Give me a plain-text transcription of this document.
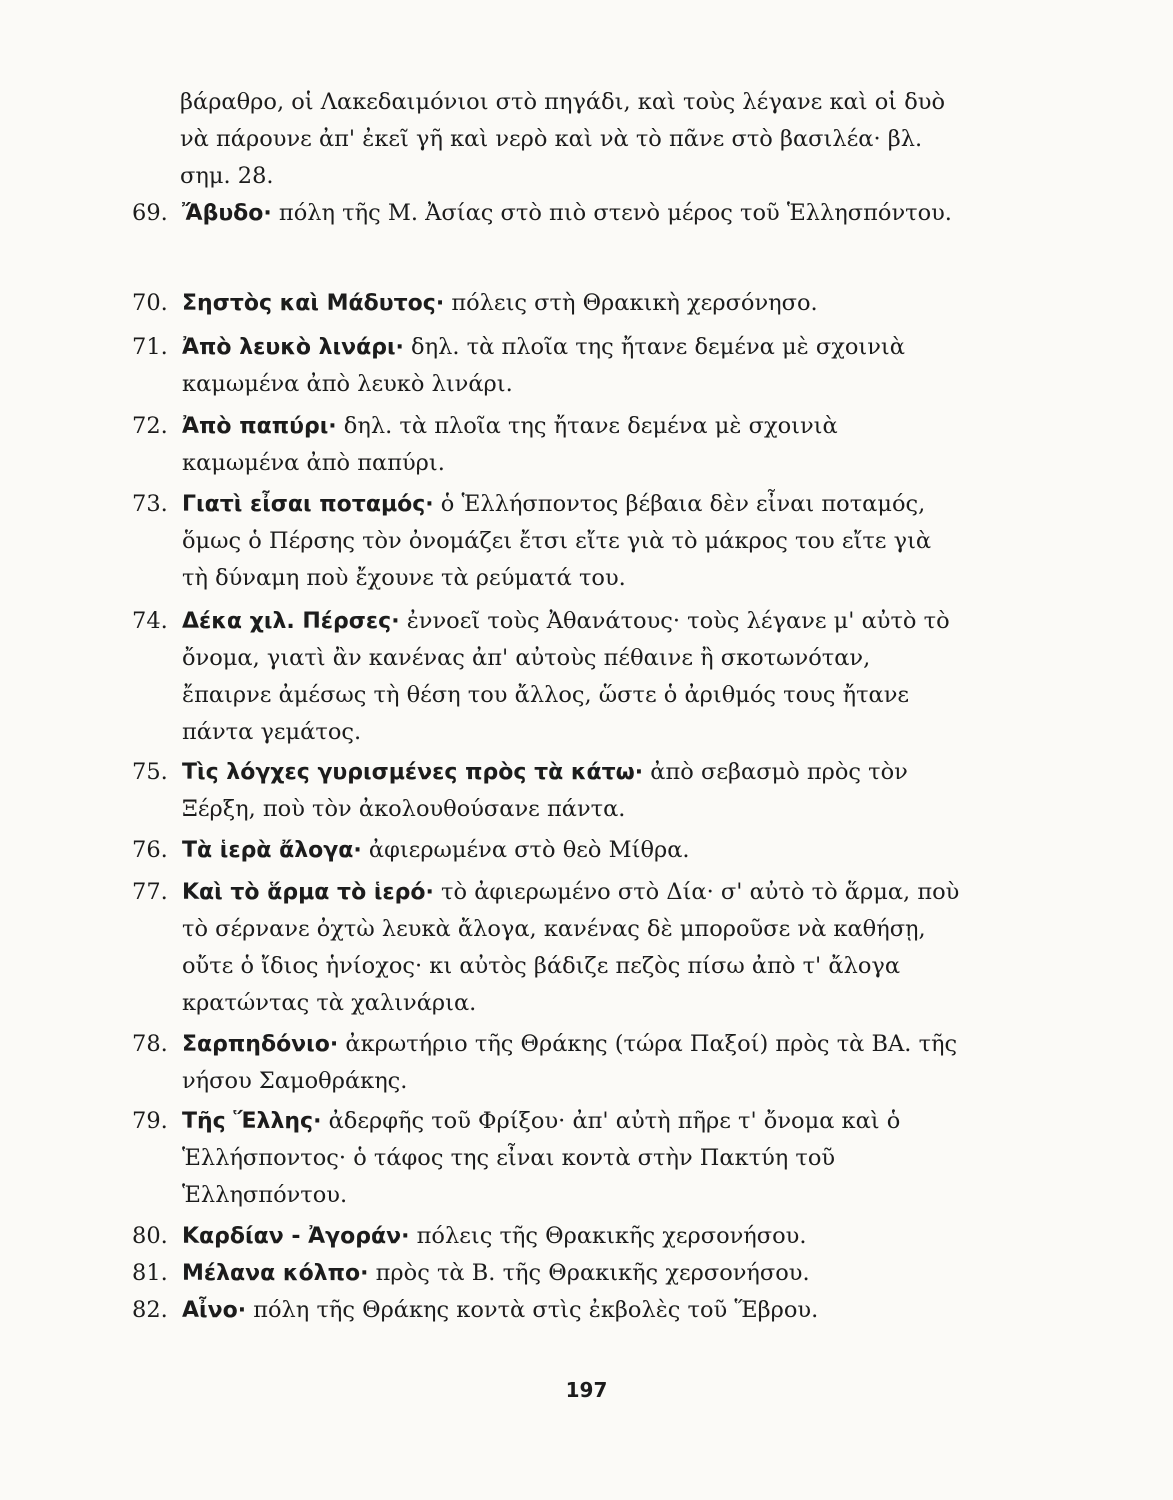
βάραθρο, οἱ Λακεδαιμόνιοι στὸ πηγάδι, καὶ τοὺς λέγανε καὶ οἱ δυὸ νὰ πάρουνε ἀπ' ἐκεῖ γῆ καὶ νερὸ καὶ νὰ τὸ πᾶνε στὸ βασιλέα· βλ. σημ. 28.
69. Ἄβυδο· πόλη τῆς Μ. Ἀσίας στὸ πιὸ στενὸ μέρος τοῦ Ἑλλησπόντου.
70. Σηστὸς καὶ Μάδυτος· πόλεις στὴ Θρακικὴ χερσόνησο.
71. Ἀπὸ λευκὸ λινάρι· δηλ. τὰ πλοῖα της ἤτανε δεμένα μὲ σχοινιὰ καμωμένα ἀπὸ λευκὸ λινάρι.
72. Ἀπὸ παπύρι· δηλ. τὰ πλοῖα της ἤτανε δεμένα μὲ σχοινιὰ καμωμένα ἀπὸ παπύρι.
73. Γιατὶ εἶσαι ποταμός· ὁ Ἑλλήσποντος βέβαια δὲν εἶναι ποταμός, ὅμως ὁ Πέρσης τὸν ὀνομάζει ἔτσι εἴτε γιὰ τὸ μάκρος του εἴτε γιὰ τὴ δύναμη ποὺ ἔχουνε τὰ ρεύματά του.
74. Δέκα χιλ. Πέρσες· ἐννοεῖ τοὺς Ἀθανάτους· τοὺς λέγανε μ' αὐτὸ τὸ ὄνομα, γιατὶ ἂν κανένας ἀπ' αὐτοὺς πέθαινε ἢ σκοτωνόταν, ἔπαιρνε ἀμέσως τὴ θέση του ἄλλος, ὥστε ὁ ἀριθμός τους ἤτανε πάντα γεμάτος.
75. Τὶς λόγχες γυρισμένες πρὸς τὰ κάτω· ἀπὸ σεβασμὸ πρὸς τὸν Ξέρξη, ποὺ τὸν ἀκολουθούσανε πάντα.
76. Τὰ ἱερὰ ἄλογα· ἀφιερωμένα στὸ θεὸ Μίθρα.
77. Καὶ τὸ ἅρμα τὸ ἱερό· τὸ ἀφιερωμένο στὸ Δία· σ' αὐτὸ τὸ ἅρμα, ποὺ τὸ σέρνανε ὀχτὼ λευκὰ ἄλογα, κανένας δὲ μποροῦσε νὰ καθήσῃ, οὔτε ὁ ἴδιος ἡνίοχος· κι αὐτὸς βάδιζε πεζὸς πίσω ἀπὸ τ' ἄλογα κρατώντας τὰ χαλινάρια.
78. Σαρπηδόνιο· ἀκρωτήριο τῆς Θράκης (τώρα Παξοί) πρὸς τὰ ΒΑ. τῆς νήσου Σαμοθράκης.
79. Τῆς Ἕλλης· ἀδερφῆς τοῦ Φρίξου· ἀπ' αὐτὴ πῆρε τ' ὄνομα καὶ ὁ Ἑλλήσποντος· ὁ τάφος της εἶναι κοντὰ στὴν Πακτύη τοῦ Ἑλλησπόντου.
80. Καρδίαν - Ἀγοράν· πόλεις τῆς Θρακικῆς χερσονήσου.
81. Μέλανα κόλπο· πρὸς τὰ Β. τῆς Θρακικῆς χερσονήσου.
82. Αἶνο· πόλη τῆς Θράκης κοντὰ στὶς ἐκβολὲς τοῦ Ἕβρου.
197
